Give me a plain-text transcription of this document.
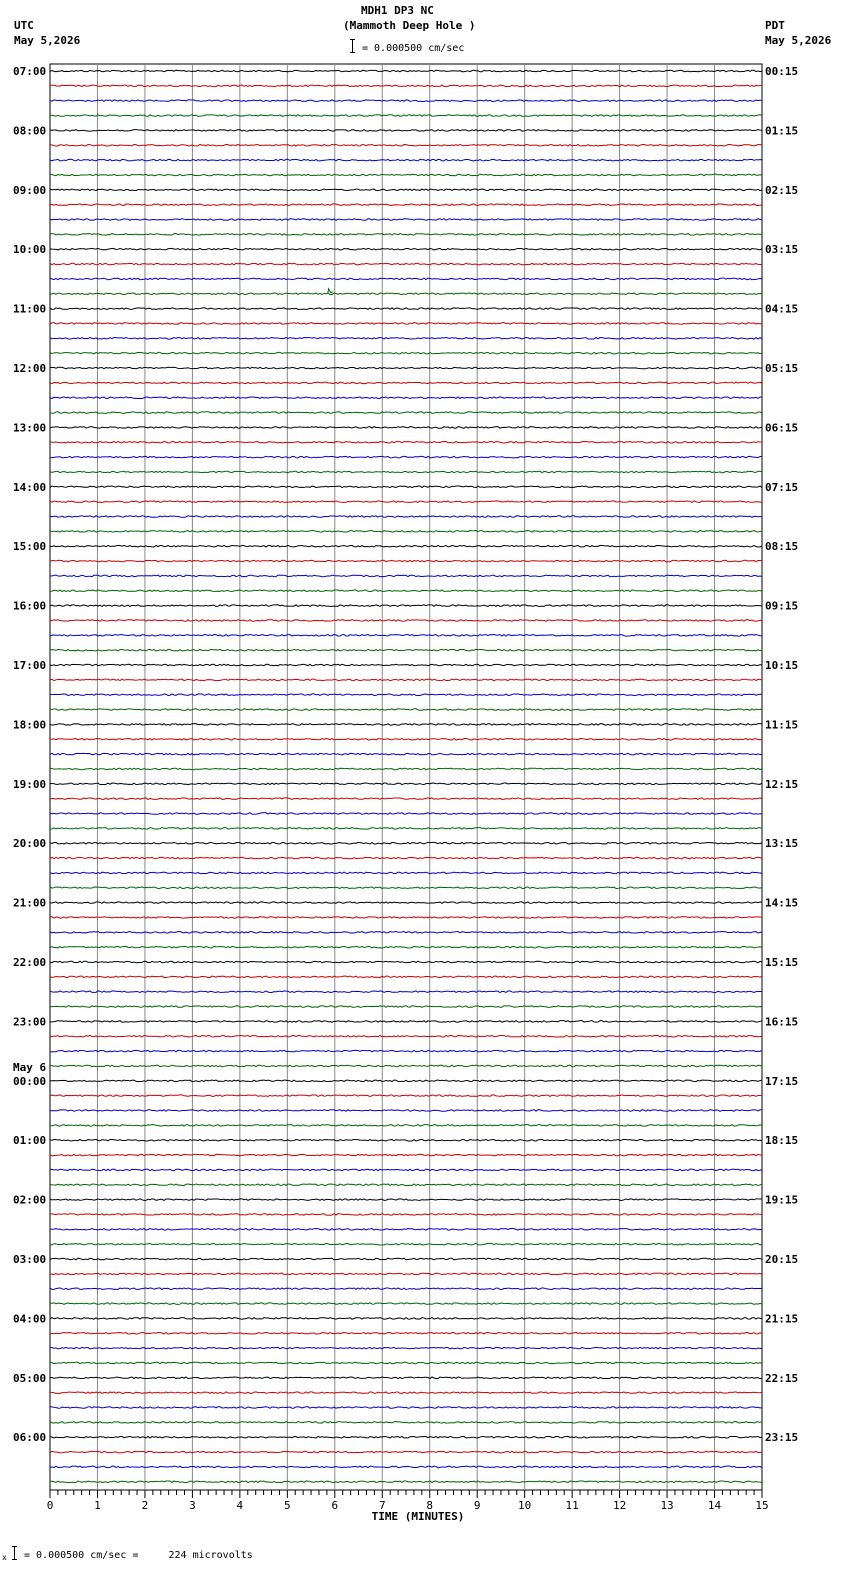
MDH1 DP3 NC
(Mammoth Deep Hole )
= 0.000500 cm/sec
UTC
May 5,2026
PDT
May 5,2026
07:00
08:00
09:00
10:00
11:00
12:00
13:00
14:00
15:00
16:00
17:00
18:00
19:00
20:00
21:00
22:00
23:00
00:00
01:00
02:00
03:00
04:00
05:00
06:00
00:15
01:15
02:15
03:15
04:15
05:15
06:15
07:15
08:15
09:15
10:15
11:15
12:15
13:15
14:15
15:15
16:15
17:15
18:15
19:15
20:15
21:15
22:15
23:15
May 6
0	1	2	3	4	5	6	7	8	9	10	11	12	13	14	15
TIME (MINUTES)
x = 0.000500 cm/sec =     224 microvolts
